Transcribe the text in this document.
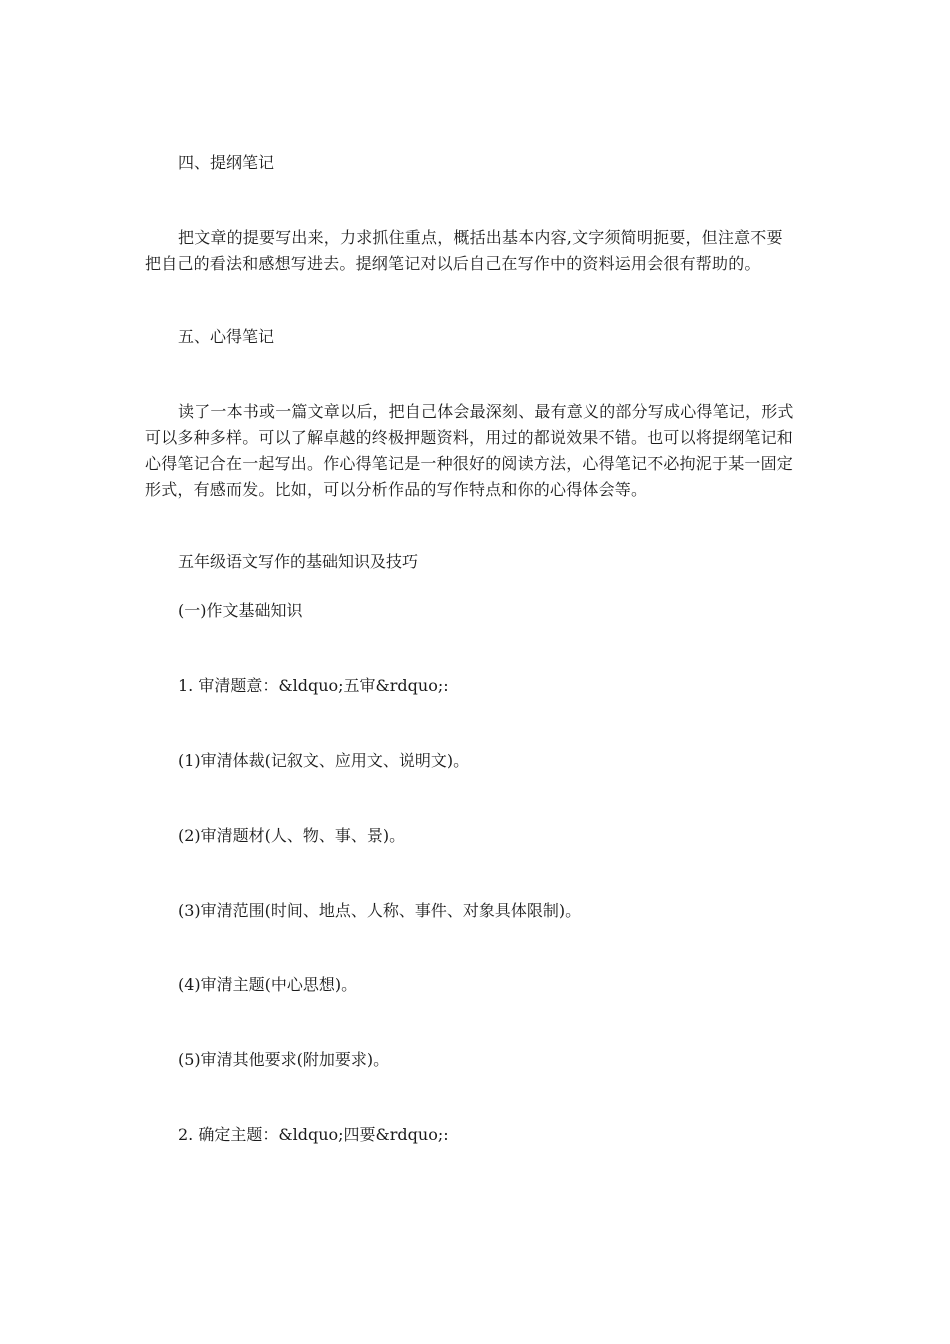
四、提纲笔记
把文章的提要写出来，力求抓住重点，概括出基本内容,文字须简明扼要，但注意不要
把自己的看法和感想写进去。提纲笔记对以后自己在写作中的资料运用会很有帮助的。
五、心得笔记
读了一本书或一篇文章以后，把自己体会最深刻、最有意义的部分写成心得笔记，形式
可以多种多样。可以了解卓越的终极押题资料，用过的都说效果不错。也可以将提纲笔记和
心得笔记合在一起写出。作心得笔记是一种很好的阅读方法，心得笔记不必拘泥于某一固定
形式，有感而发。比如，可以分析作品的写作特点和你的心得体会等。
五年级语文写作的基础知识及技巧
(一)作文基础知识
1. 审清题意：&ldquo;五审&rdquo;:
(1)审清体裁(记叙文、应用文、说明文)。
(2)审清题材(人、物、事、景)。
(3)审清范围(时间、地点、人称、事件、对象具体限制)。
(4)审清主题(中心思想)。
(5)审清其他要求(附加要求)。
2. 确定主题：&ldquo;四要&rdquo;:
